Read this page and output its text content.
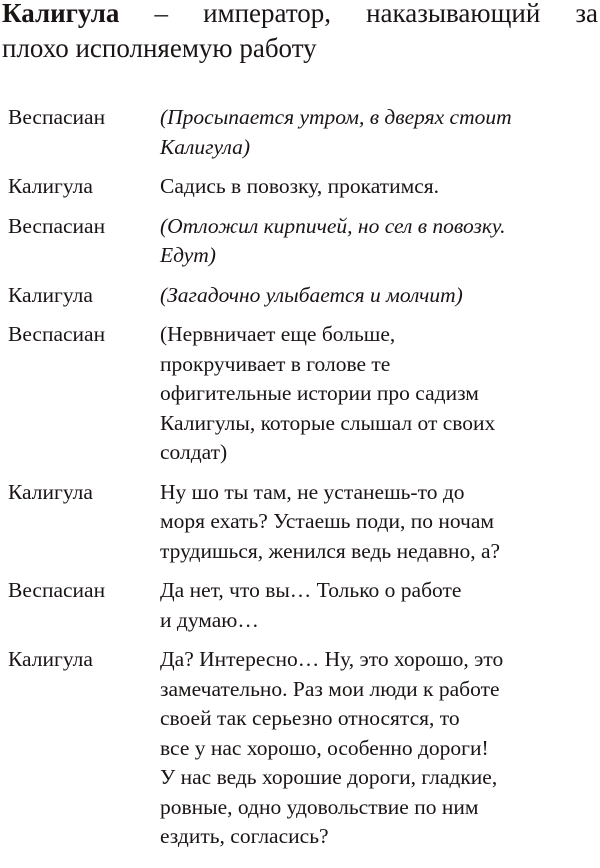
Калигула – император, наказывающий за
плохо исполняемую работу
Веспасиан	(Просыпается утром, в дверях стоит
Калигула)
Калигула	Садись в повозку, прокатимся.
Веспасиан	(Отложил кирпичей, но сел в повозку.
Едут)
Калигула	(Загадочно улыбается и молчит)
Веспасиан	(Нервничает еще больше,
прокручивает в голове те
офигительные истории про садизм
Калигулы, которые слышал от своих
солдат)
Калигула	Ну шо ты там, не устанешь-то до
моря ехать? Устаешь поди, по ночам
трудишься, женился ведь недавно, а?
Веспасиан	Да нет, что вы… Только о работе
и думаю…
Калигула	Да? Интересно… Ну, это хорошо, это
замечательно. Раз мои люди к работе
своей так серьезно относятся, то
все у нас хорошо, особенно дороги!
У нас ведь хорошие дороги, гладкие,
ровные, одно удовольствие по ним
ездить, согласись?
